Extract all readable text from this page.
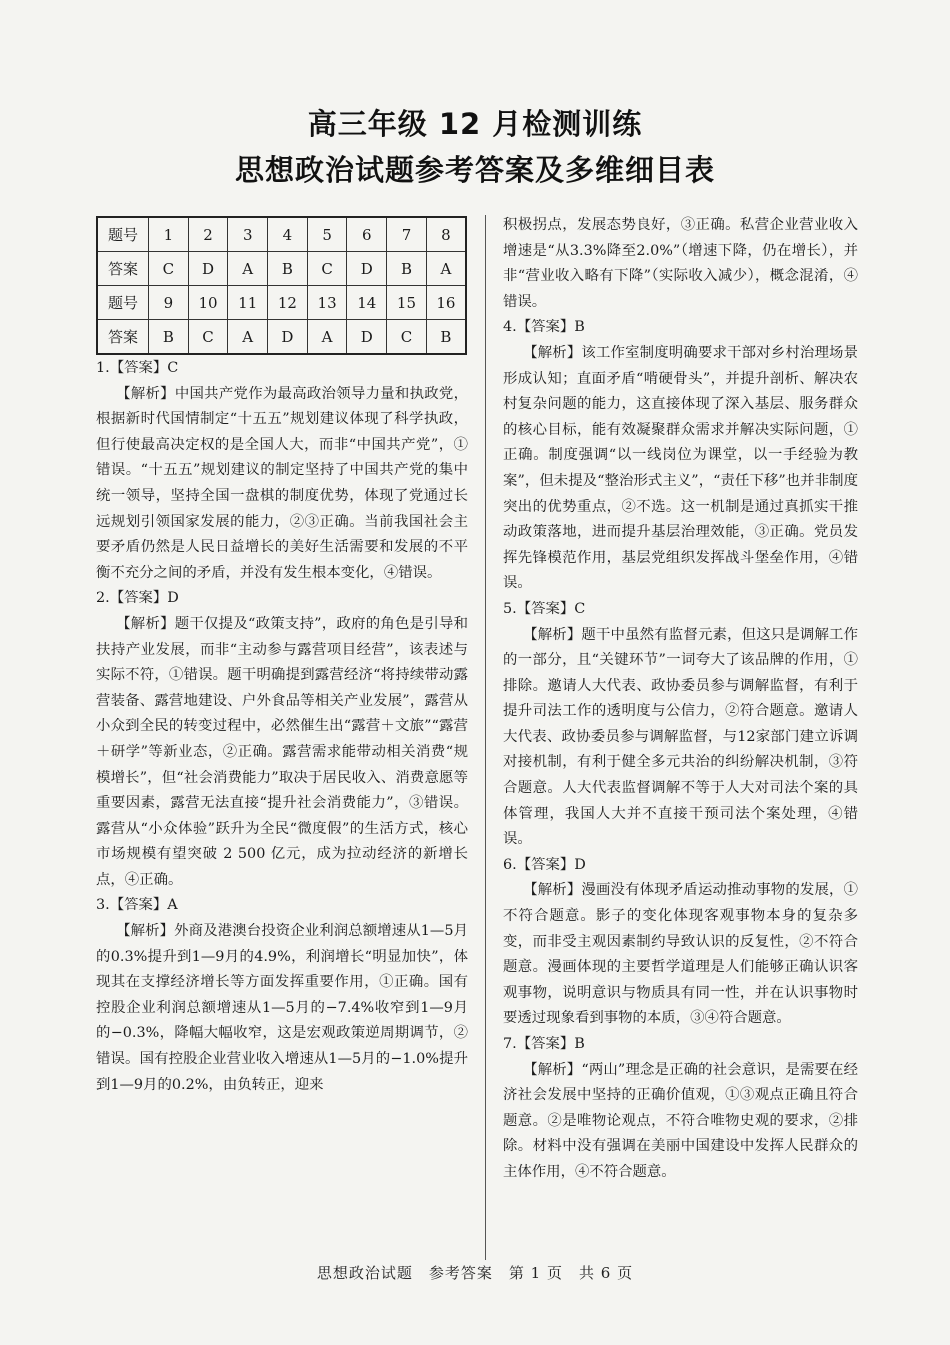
高三年级 12 月检测训练
思想政治试题参考答案及多维细目表
题号	1	2	3	4	5	6	7	8
答案	C	D	A	B	C	D	B	A
题号	9	10	11	12	13	14	15	16
答案	B	C	A	D	A	D	C	B
1.【答案】C
【解析】中国共产党作为最高政治领导力量和执政党，根据新时代国情制定“十五五”规划建议体现了科学执政，但行使最高决定权的是全国人大，而非“中国共产党”，①错误。“十五五”规划建议的制定坚持了中国共产党的集中统一领导，坚持全国一盘棋的制度优势，体现了党通过长远规划引领国家发展的能力，②③正确。当前我国社会主要矛盾仍然是人民日益增长的美好生活需要和发展的不平衡不充分之间的矛盾，并没有发生根本变化，④错误。
2.【答案】D
【解析】题干仅提及“政策支持”，政府的角色是引导和扶持产业发展，而非“主动参与露营项目经营”，该表述与实际不符，①错误。题干明确提到露营经济“将持续带动露营装备、露营地建设、户外食品等相关产业发展”，露营从小众到全民的转变过程中，必然催生出“露营＋文旅”“露营＋研学”等新业态，②正确。露营需求能带动相关消费“规模增长”，但“社会消费能力”取决于居民收入、消费意愿等重要因素，露营无法直接“提升社会消费能力”，③错误。露营从“小众体验”跃升为全民“微度假”的生活方式，核心市场规模有望突破 2 500 亿元，成为拉动经济的新增长点，④正确。
3.【答案】A
【解析】外商及港澳台投资企业利润总额增速从1—5月的0.3%提升到1—9月的4.9%，利润增长“明显加快”，体现其在支撑经济增长等方面发挥重要作用，①正确。国有控股企业利润总额增速从1—5月的−7.4%收窄到1—9月的−0.3%，降幅大幅收窄，这是宏观政策逆周期调节，②错误。国有控股企业营业收入增速从1—5月的−1.0%提升到1—9月的0.2%，由负转正，迎来
积极拐点，发展态势良好，③正确。私营企业营业收入增速是“从3.3%降至2.0%”（增速下降，仍在增长），并非“营业收入略有下降”（实际收入减少），概念混淆，④错误。
4.【答案】B
【解析】该工作室制度明确要求干部对乡村治理场景形成认知；直面矛盾“啃硬骨头”，并提升剖析、解决农村复杂问题的能力，这直接体现了深入基层、服务群众的核心目标，能有效凝聚群众需求并解决实际问题，①正确。制度强调“以一线岗位为课堂，以一手经验为教案”，但未提及“整治形式主义”，“责任下移”也并非制度突出的优势重点，②不选。这一机制是通过真抓实干推动政策落地，进而提升基层治理效能，③正确。党员发挥先锋模范作用，基层党组织发挥战斗堡垒作用，④错误。
5.【答案】C
【解析】题干中虽然有监督元素，但这只是调解工作的一部分，且“关键环节”一词夸大了该品牌的作用，①排除。邀请人大代表、政协委员参与调解监督，有利于提升司法工作的透明度与公信力，②符合题意。邀请人大代表、政协委员参与调解监督，与12家部门建立诉调对接机制，有利于健全多元共治的纠纷解决机制，③符合题意。人大代表监督调解不等于人大对司法个案的具体管理，我国人大并不直接干预司法个案处理，④错误。
6.【答案】D
【解析】漫画没有体现矛盾运动推动事物的发展，①不符合题意。影子的变化体现客观事物本身的复杂多变，而非受主观因素制约导致认识的反复性，②不符合题意。漫画体现的主要哲学道理是人们能够正确认识客观事物，说明意识与物质具有同一性，并在认识事物时要透过现象看到事物的本质，③④符合题意。
7.【答案】B
【解析】“两山”理念是正确的社会意识，是需要在经济社会发展中坚持的正确价值观，①③观点正确且符合题意。②是唯物论观点，不符合唯物史观的要求，②排除。材料中没有强调在美丽中国建设中发挥人民群众的主体作用，④不符合题意。
思想政治试题　参考答案　第 1 页　共 6 页
